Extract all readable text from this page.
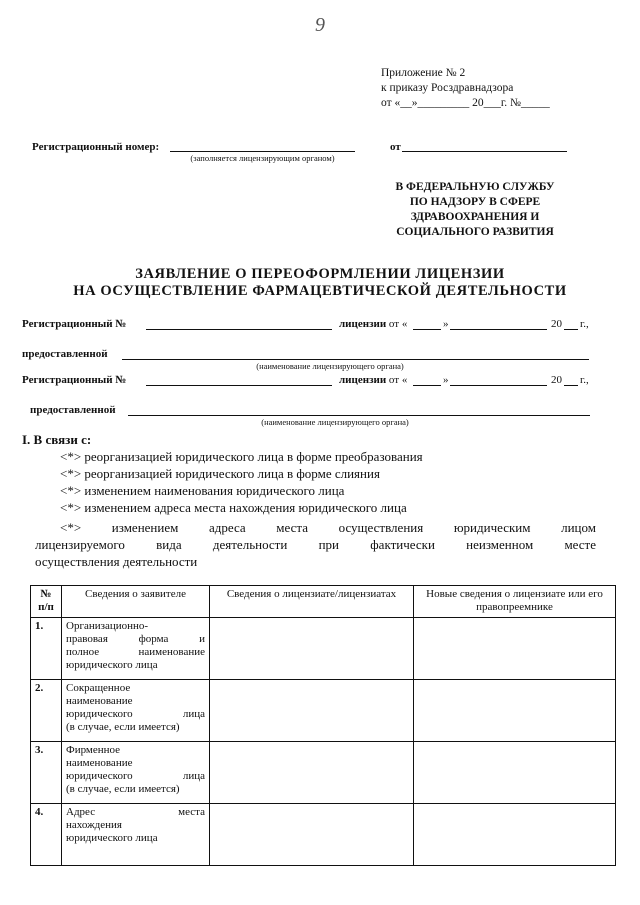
9
Приложение № 2
к приказу Росздравнадзора
от «__»_________ 20___г. №_____
Регистрационный номер:
(заполняется лицензирующим органом)
от
В ФЕДЕРАЛЬНУЮ СЛУЖБУ
ПО НАДЗОРУ В СФЕРЕ
ЗДРАВООХРАНЕНИЯ И
СОЦИАЛЬНОГО РАЗВИТИЯ
ЗАЯВЛЕНИЕ О ПЕРЕОФОРМЛЕНИИ ЛИЦЕНЗИИ
НА ОСУЩЕСТВЛЕНИЕ ФАРМАЦЕВТИЧЕСКОЙ ДЕЯТЕЛЬНОСТИ
Регистрационный №	лицензии от «	»	20 г.,
предоставленной
(наименование лицензирующего органа)
Регистрационный №	лицензии от «	»	20 г.,
предоставленной
(наименование лицензирующего органа)
I. В связи с:
<*> реорганизацией юридического лица в форме преобразования
<*> реорганизацией юридического лица в форме слияния
<*> изменением наименования юридического лица
<*> изменением адреса места нахождения юридического лица
<*> изменением адреса места осуществления юридическим лицом
лицензируемого вида деятельности при фактически неизменном месте
осуществления деятельности
№ п/п	Сведения о заявителе	Сведения о лицензиате/лицензиатах	Новые сведения о лицензиате или его правопреемнике
1.	Организационно-

правовая форма и
полное наименование
юридического лица		
2.	Сокращенное
наименование

юридического лица
(в случае, если имеется)		
3.	Фирменное
наименование

юридического лица
(в случае, если имеется)		
4.	Адрес места
нахождения
юридического лица		
